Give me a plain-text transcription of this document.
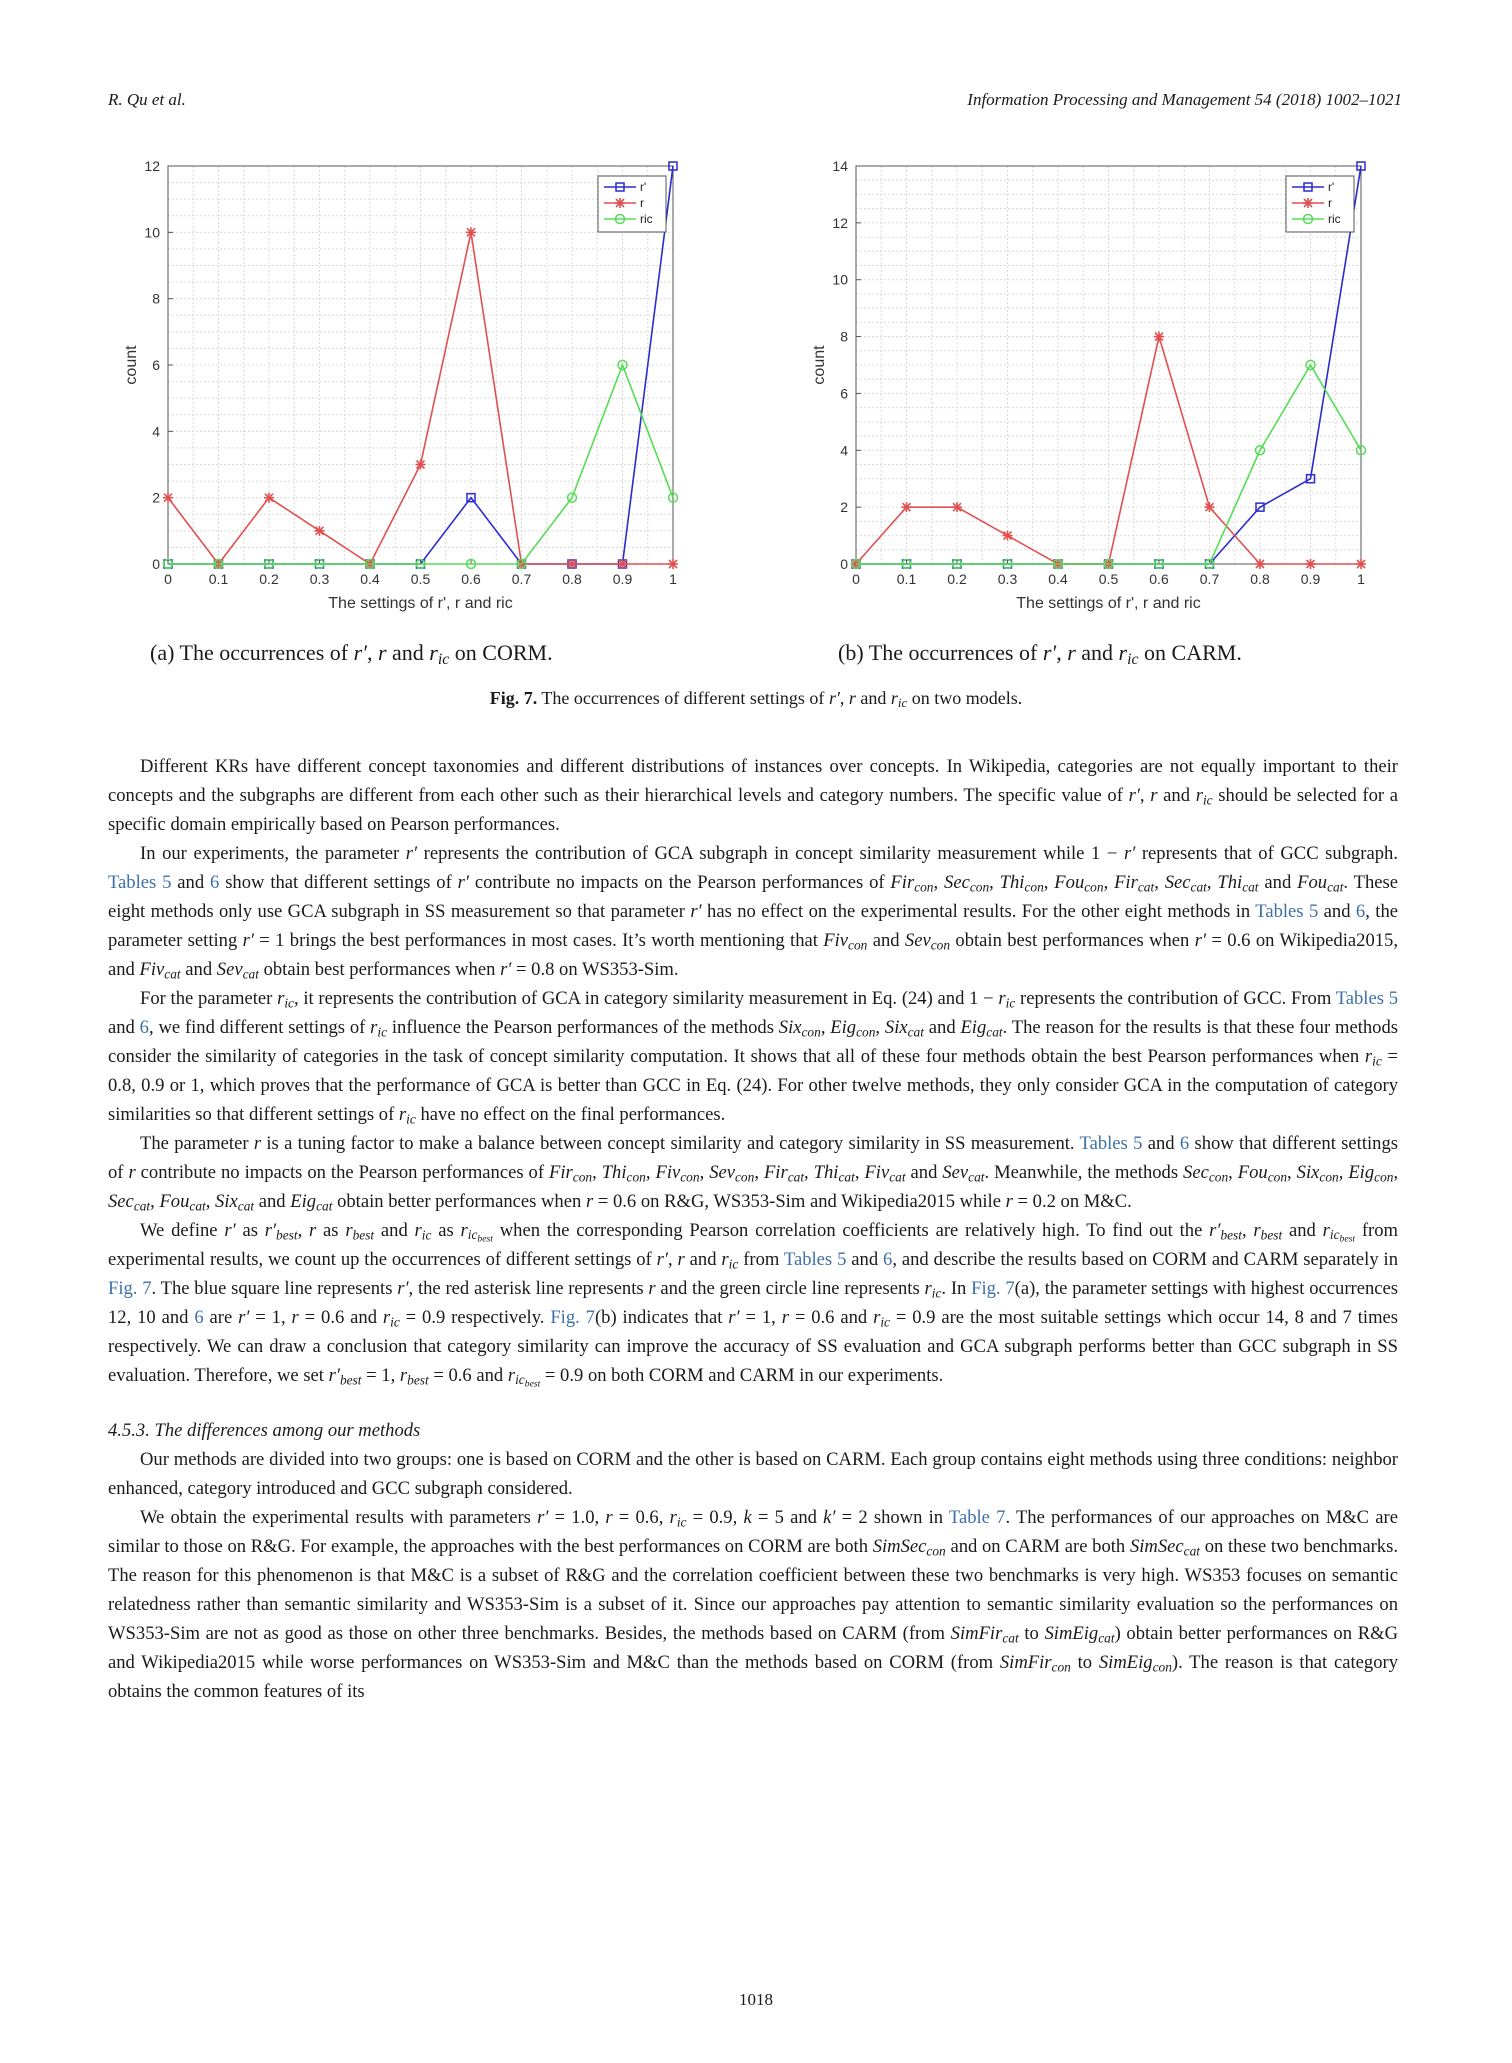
R. Qu et al.	Information Processing and Management 54 (2018) 1002–1021
0	0.1 0.2 0.3 0.4 0.5 0.6 0.7 0.8 0.9	1
0
2
4
6
8
10
12
The settings of r', r and ric
count
r'
r
ric
0	0.1 0.2 0.3 0.4 0.5 0.6 0.7 0.8 0.9	1
0
2
4
6
8
10
12
14
The settings of r', r and ric
count
r'
r
ric
(a) The occurrences of r′, r and $r_{ic}$ on CORM.	(b) The occurrences of r′, r and $r_{ic}$ on CARM.
Fig. 7. The occurrences of different settings of r′, r and $r_{ic}$ on two models.

Different KRs have different concept taxonomies and different distributions of instances over concepts. In Wikipedia, categories are not equally important to their concepts and the subgraphs are different from each other such as their hierarchical levels and category numbers. The specific value of r′, r and $r_{ic}$ should be selected for a specific domain empirically based on Pearson performances.

In our experiments, the parameter r′ represents the contribution of GCA subgraph in concept similarity measurement while 1 − r′ represents that of GCC subgraph. Tables 5 and 6 show that different settings of r′ contribute no impacts on the Pearson performances of Fir$_{con}$, Sec$_{con}$, Thi$_{con}$, Fou$_{con}$, Fir$_{cat}$, Sec$_{cat}$, Thi$_{cat}$ and Fou$_{cat}$. These eight methods only use GCA subgraph in SS measurement so that parameter r′ has no effect on the experimental results. For the other eight methods in Tables 5 and 6, the parameter setting r′ = 1 brings the best performances in most cases. It’s worth mentioning that Fiv$_{con}$ and Sev$_{con}$ obtain best performances when r′ = 0.6 on Wikipedia2015, and Fiv$_{cat}$ and Sev$_{cat}$ obtain best performances when r′ = 0.8 on WS353-Sim.

For the parameter $r_{ic}$, it represents the contribution of GCA in category similarity measurement in Eq. (24) and $1 - r_{ic}$ represents the contribution of GCC. From Tables 5 and 6, we find different settings of $r_{ic}$ influence the Pearson performances of the methods Six$_{con}$, Eig$_{con}$, Six$_{cat}$ and Eig$_{cat}$. The reason for the results is that these four methods consider the similarity of categories in the task of concept similarity computation. It shows that all of these four methods obtain the best Pearson performances when $r_{ic} = 0.8$, 0.9 or 1, which proves that the performance of GCA is better than GCC in Eq. (24). For other twelve methods, they only consider GCA in the computation of category similarities so that different settings of $r_{ic}$ have no effect on the final performances.

The parameter r is a tuning factor to make a balance between concept similarity and category similarity in SS measurement. Tables 5 and 6 show that different settings of r contribute no impacts on the Pearson performances of Fir$_{con}$, Thi$_{con}$, Fiv$_{con}$, Sev$_{con}$, Fir$_{cat}$, Thi$_{cat}$, Fiv$_{cat}$ and Sev$_{cat}$. Meanwhile, the methods Sec$_{con}$, Fou$_{con}$, Six$_{con}$, Eig$_{con}$, Sec$_{cat}$, Fou$_{cat}$, Six$_{cat}$ and Eig$_{cat}$ obtain better performances when r = 0.6 on R&G, WS353-Sim and Wikipedia2015 while r = 0.2 on M&C.

We define r′ as $r'_{best}$, r as $r_{best}$ and $r_{ic}$ as $r_{ic_{best}}$ when the corresponding Pearson correlation coefficients are relatively high. To find out the $r'_{best}$, $r_{best}$ and $r_{ic_{best}}$ from experimental results, we count up the occurrences of different settings of r′, r and $r_{ic}$ from Tables 5 and 6, and describe the results based on CORM and CARM separately in Fig. 7. The blue square line represents r′, the red asterisk line represents r and the green circle line represents $r_{ic}$. In Fig. 7(a), the parameter settings with highest occurrences 12, 10 and 6 are r′ = 1, r = 0.6 and $r_{ic} = 0.9$ respectively. Fig. 7(b) indicates that r′ = 1, r = 0.6 and $r_{ic} = 0.9$ are the most suitable settings which occur 14, 8 and 7 times respectively. We can draw a conclusion that category similarity can improve the accuracy of SS evaluation and GCA subgraph performs better than GCC subgraph in SS evaluation. Therefore, we set $r'_{best} = 1$, $r_{best} = 0.6$ and $r_{ic_{best}} = 0.9$ on both CORM and CARM in our experiments.

4.5.3. The differences among our methods

Our methods are divided into two groups: one is based on CORM and the other is based on CARM. Each group contains eight methods using three conditions: neighbor enhanced, category introduced and GCC subgraph considered.

We obtain the experimental results with parameters r′ = 1.0, r = 0.6, $r_{ic} = 0.9$, k = 5 and k′ = 2 shown in Table 7. The performances of our approaches on M&C are similar to those on R&G. For example, the approaches with the best performances on CORM are both SimSec$_{con}$ and on CARM are both SimSec$_{cat}$ on these two benchmarks. The reason for this phenomenon is that M&C is a subset of R&G and the correlation coefficient between these two benchmarks is very high. WS353 focuses on semantic relatedness rather than semantic similarity and WS353-Sim is a subset of it. Since our approaches pay attention to semantic similarity evaluation so the performances on WS353-Sim are not as good as those on other three benchmarks. Besides, the methods based on CARM (from SimFir$_{cat}$ to SimEig$_{cat}$) obtain better performances on R&G and Wikipedia2015 while worse performances on WS353-Sim and M&C than the methods based on CORM (from SimFir$_{con}$ to SimEig$_{con}$). The reason is that category obtains the common features of its

1018
